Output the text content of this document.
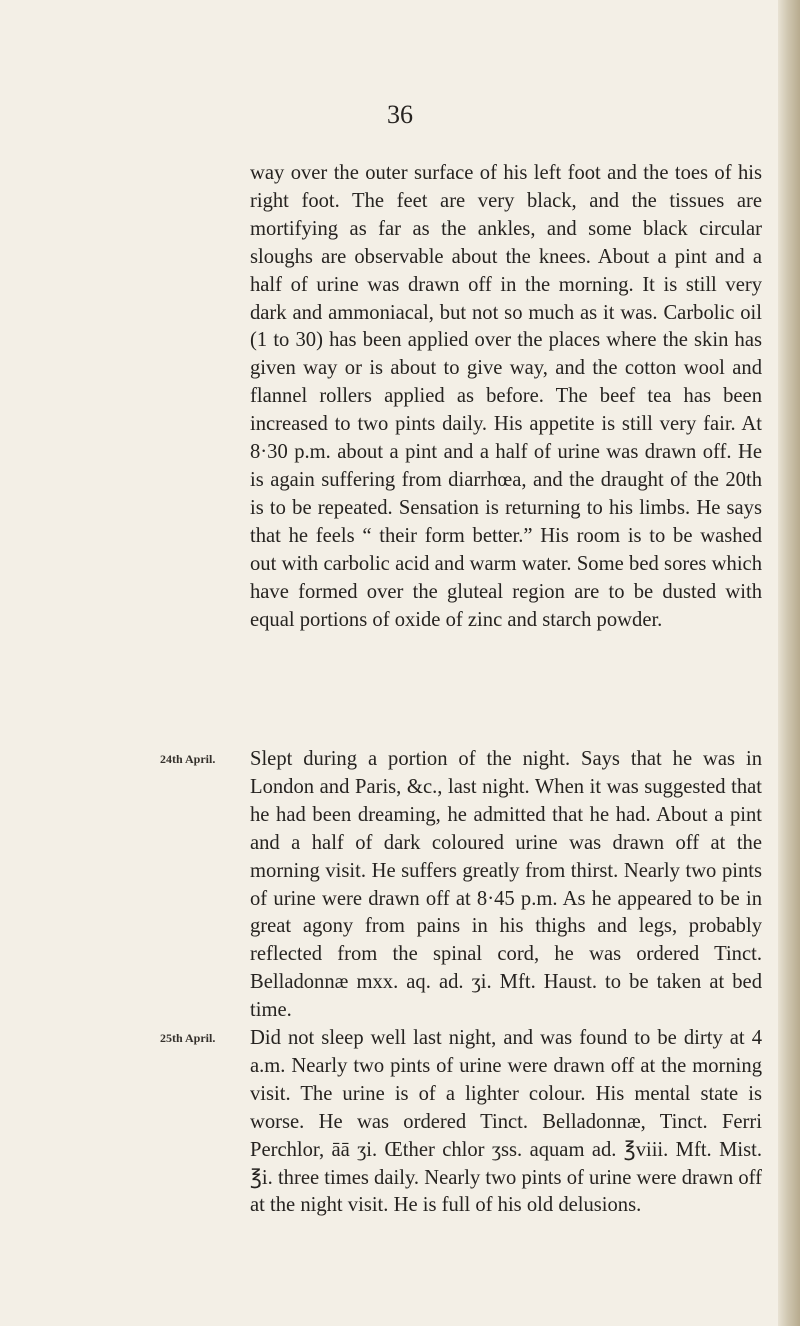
36

way over the outer surface of his left foot and the toes of his right foot. The feet are very black, and the tissues are mortifying as far as the ankles, and some black circular sloughs are observable about the knees. About a pint and a half of urine was drawn off in the morning. It is still very dark and ammoniacal, but not so much as it was. Carbolic oil (1 to 30) has been applied over the places where the skin has given way or is about to give way, and the cotton wool and flannel rollers applied as before. The beef tea has been increased to two pints daily. His appetite is still very fair. At 8·30 p.m. about a pint and a half of urine was drawn off. He is again suffering from diarrhœa, and the draught of the 20th is to be repeated. Sensation is returning to his limbs. He says that he feels “ their form better.” His room is to be washed out with carbolic acid and warm water. Some bed sores which have formed over the gluteal region are to be dusted with equal portions of oxide of zinc and starch powder.

24th April. Slept during a portion of the night. Says that he was in London and Paris, &c., last night. When it was suggested that he had been dreaming, he admitted that he had. About a pint and a half of dark coloured urine was drawn off at the morning visit. He suffers greatly from thirst. Nearly two pints of urine were drawn off at 8·45 p.m. As he appeared to be in great agony from pains in his thighs and legs, probably reflected from the spinal cord, he was ordered Tinct. Belladonnæ mxx. aq. ad. ʒi. Mft. Haust. to be taken at bed time.

25th April. Did not sleep well last night, and was found to be dirty at 4 a.m. Nearly two pints of urine were drawn off at the morning visit. The urine is of a lighter colour. His mental state is worse. He was ordered Tinct. Belladonnæ, Tinct. Ferri Perchlor, āā ʒi. Œther chlor ʒss. aquam ad. ℥viii. Mft. Mist. ℥i. three times daily. Nearly two pints of urine were drawn off at the night visit. He is full of his old delusions.
